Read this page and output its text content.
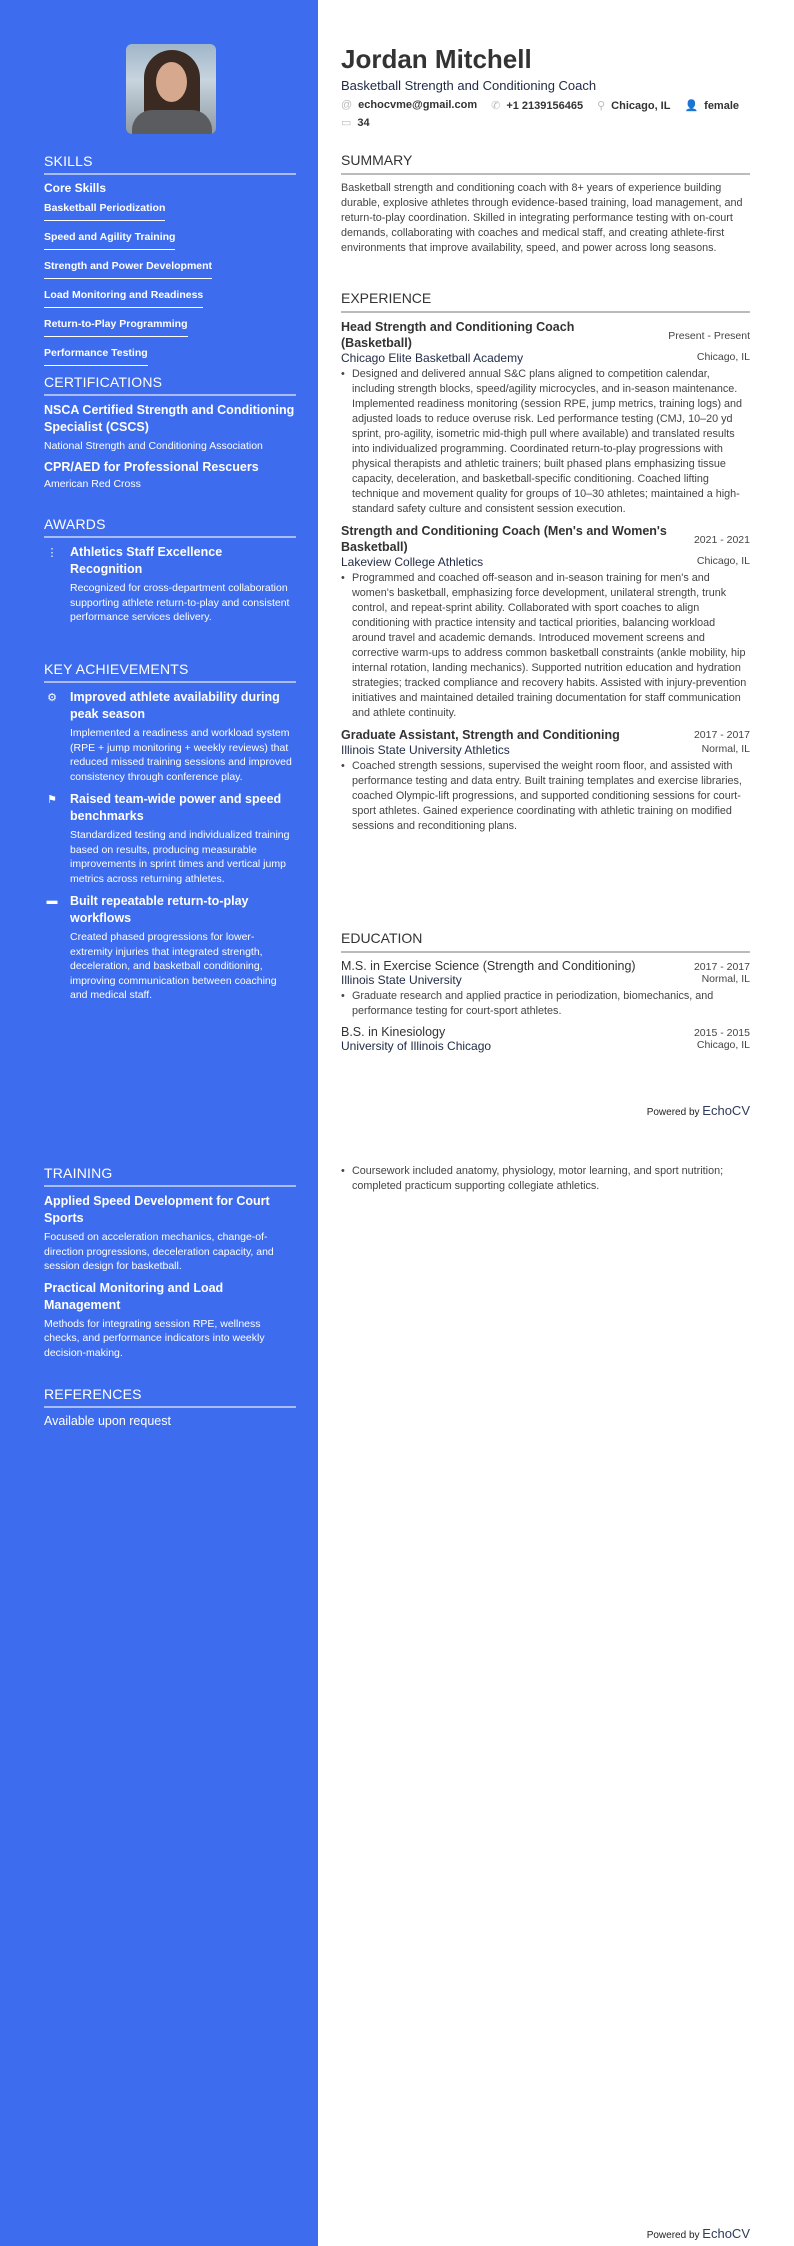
SKILLS
Core Skills
Basketball Periodization
Speed and Agility Training
Strength and Power Development
Load Monitoring and Readiness
Return-to-Play Programming
Performance Testing
CERTIFICATIONS
NSCA Certified Strength and Conditioning Specialist (CSCS)
National Strength and Conditioning Association
CPR/AED for Professional Rescuers
American Red Cross
AWARDS
⋮ Athletics Staff Excellence Recognition
Recognized for cross-department collaboration supporting athlete return-to-play and consistent performance services delivery.
KEY ACHIEVEMENTS
⚙ Improved athlete availability during peak season
Implemented a readiness and workload system (RPE + jump monitoring + weekly reviews) that reduced missed training sessions and improved consistency through conference play.
⚑ Raised team-wide power and speed benchmarks
Standardized testing and individualized training based on results, producing measurable improvements in sprint times and vertical jump metrics across returning athletes.
▬ Built repeatable return-to-play workflows
Created phased progressions for lower-extremity injuries that integrated strength, deceleration, and basketball conditioning, improving communication between coaching and medical staff.
TRAINING
Applied Speed Development for Court Sports
Focused on acceleration mechanics, change-of-direction progressions, deceleration capacity, and session design for basketball.
Practical Monitoring and Load Management
Methods for integrating session RPE, wellness checks, and performance indicators into weekly decision-making.
REFERENCES
Available upon request
Jordan Mitchell
Basketball Strength and Conditioning Coach
@ echocvme@gmail.com ✆ +1 2139156465 ⚲ Chicago, IL 👤 female
▭ 34
SUMMARY
Basketball strength and conditioning coach with 8+ years of experience building durable, explosive athletes through evidence-based training, load management, and return-to-play coordination. Skilled in integrating performance testing with on-court demands, collaborating with coaches and medical staff, and creating athlete-first environments that improve availability, speed, and power across long seasons.
EXPERIENCE
Head Strength and Conditioning Coach (Basketball)	Present - Present
Chicago Elite Basketball Academy	Chicago, IL
• Designed and delivered annual S&C plans aligned to competition calendar, including strength blocks, speed/agility microcycles, and in-season maintenance. Implemented readiness monitoring (session RPE, jump metrics, training logs) and adjusted loads to reduce overuse risk. Led performance testing (CMJ, 10–20 yd sprint, pro-agility, isometric mid-thigh pull where available) and translated results into individualized programming. Coordinated return-to-play progressions with physical therapists and athletic trainers; built phased plans emphasizing tissue capacity, deceleration, and basketball-specific conditioning. Coached lifting technique and movement quality for groups of 10–30 athletes; maintained a high-standard safety culture and consistent session execution.
Strength and Conditioning Coach (Men's and Women's Basketball)	2021 - 2021
Lakeview College Athletics	Chicago, IL
• Programmed and coached off-season and in-season training for men's and women's basketball, emphasizing force development, unilateral strength, trunk control, and repeat-sprint ability. Collaborated with sport coaches to align conditioning with practice intensity and tactical priorities, balancing workload around travel and academic demands. Introduced movement screens and corrective warm-ups to address common basketball constraints (ankle mobility, hip internal rotation, landing mechanics). Supported nutrition education and hydration strategies; tracked compliance and recovery habits. Assisted with injury-prevention initiatives and maintained detailed training documentation for staff communication and athlete continuity.
Graduate Assistant, Strength and Conditioning	2017 - 2017
Illinois State University Athletics	Normal, IL
• Coached strength sessions, supervised the weight room floor, and assisted with performance testing and data entry. Built training templates and exercise libraries, coached Olympic-lift progressions, and supported conditioning sessions for court-sport athletes. Gained experience coordinating with athletic training on modified sessions and reconditioning plans.
EDUCATION
M.S. in Exercise Science (Strength and Conditioning)	2017 - 2017
Illinois State University	Normal, IL
• Graduate research and applied practice in periodization, biomechanics, and performance testing for court-sport athletes.
B.S. in Kinesiology	2015 - 2015
University of Illinois Chicago	Chicago, IL
Powered by EchoCV
• Coursework included anatomy, physiology, motor learning, and sport nutrition; completed practicum supporting collegiate athletics.
Powered by EchoCV
